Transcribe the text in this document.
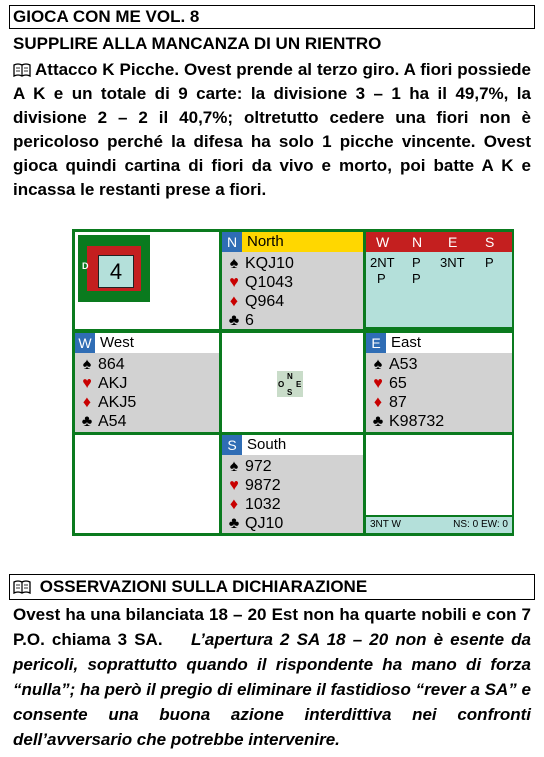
GIOCA CON ME VOL. 8
SUPPLIRE ALLA MANCANZA DI UN RIENTRO
Attacco K Picche. Ovest prende al terzo giro. A fiori possiede A K e un totale di 9 carte: la divisione 3 – 1 ha il 49,7%, la divisione 2 – 2 il 40,7%; oltretutto cedere una fiori non è pericoloso perché la difesa ha solo 1 picche vincente. Ovest gioca quindi cartina di fiori da vivo e morto, poi batte A K e incassa le restanti prese a fiori.
D 4
N North
♠ KQJ10
♥ Q1043
♦ Q964
♣ 6
W N E S
2NT P 3NT P
P P
W West
♠ 864
♥ AKJ
♦ AKJ5
♣ A54
N
O E
S
E East
♠ A53
♥ 65
♦ 87
♣ K98732
S South
♠ 972
♥ 9872
♦ 1032
♣ QJ10	3NT W	NS: 0 EW: 0
OSSERVAZIONI SULLA DICHIARAZIONE
Ovest ha una bilanciata 18 – 20 Est non ha quarte nobili e con 7 P.O. chiama 3 SA. L’apertura 2 SA 18 – 20 non è esente da pericoli, soprattutto quando il rispondente ha mano di forza “nulla”; ha però il pregio di eliminare il fastidioso “rever a SA” e consente una buona azione interdittiva nei confronti dell’avversario che potrebbe intervenire.
